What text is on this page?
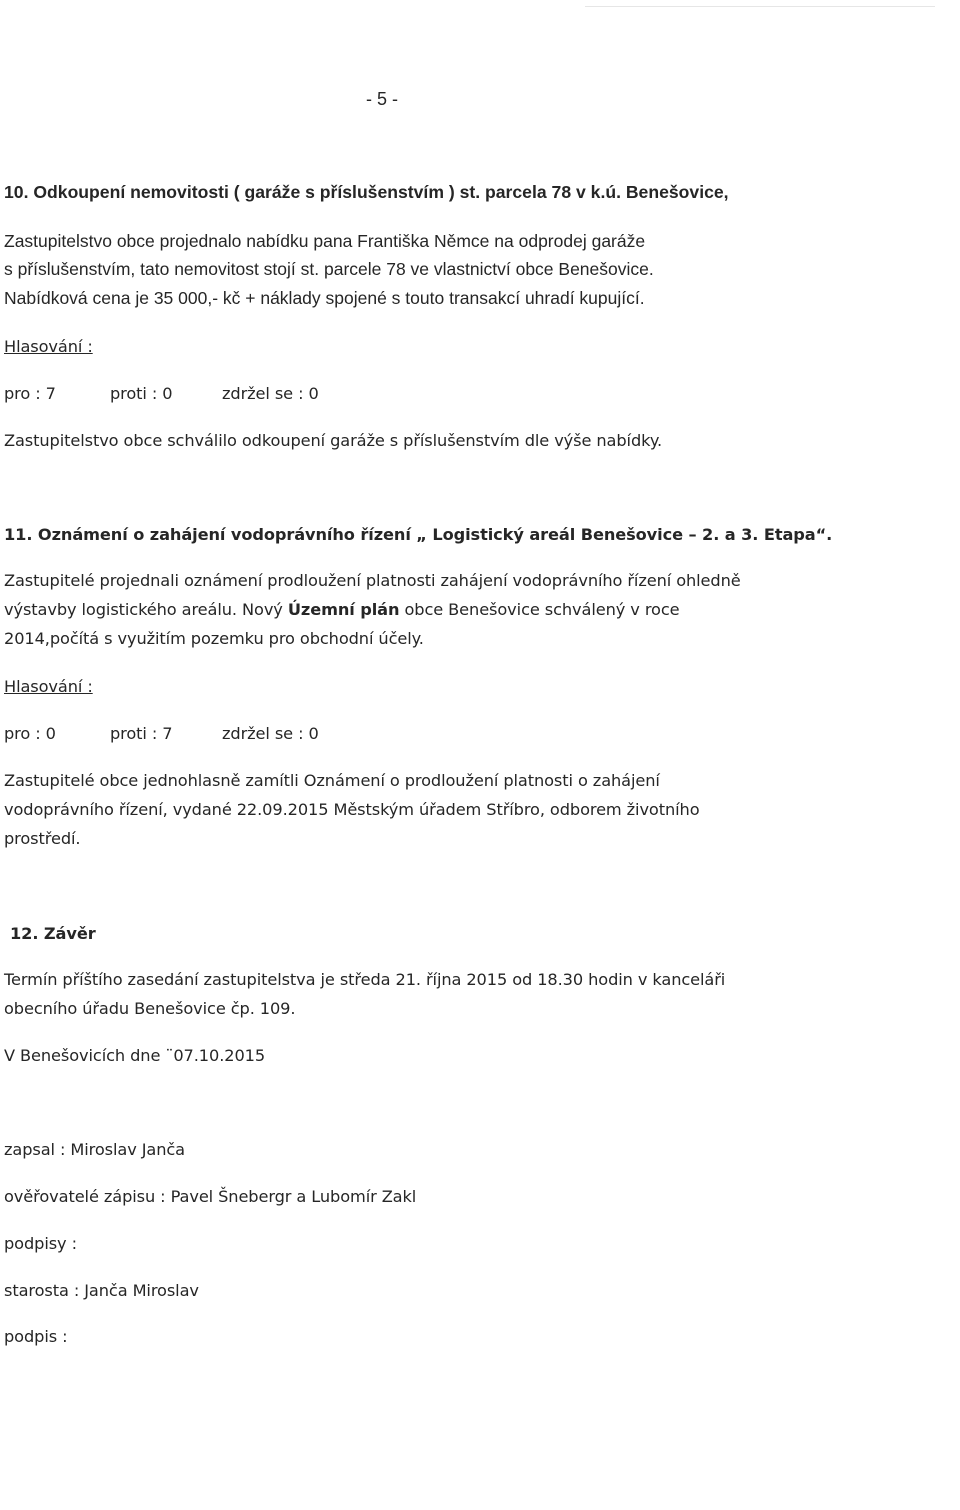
- 5 -
10. Odkoupení nemovitosti ( garáže s příslušenstvím ) st. parcela 78 v k.ú. Benešovice,
Zastupitelstvo obce projednalo nabídku pana Františka Němce na odprodej garáže
s příslušenstvím, tato nemovitost stojí st. parcele 78 ve vlastnictví obce Benešovice.
Nabídková cena je 35 000,- kč + náklady spojené s touto transakcí uhradí kupující.
Hlasování :
pro : 7	proti : 0	zdržel se : 0
Zastupitelstvo obce schválilo odkoupení garáže s příslušenstvím dle výše nabídky.
11. Oznámení o zahájení vodoprávního řízení „ Logistický areál Benešovice – 2. a 3. Etapa“.
Zastupitelé projednali oznámení prodloužení platnosti zahájení vodoprávního řízení ohledně
výstavby logistického areálu. Nový Územní plán obce Benešovice schválený v roce
2014,počítá s využitím pozemku pro obchodní účely.
Hlasování :
pro : 0	proti : 7	zdržel se : 0
Zastupitelé obce jednohlasně zamítli Oznámení o prodloužení platnosti o zahájení
vodoprávního řízení, vydané 22.09.2015 Městským úřadem Stříbro, odborem životního
prostředí.
12. Závěr
Termín příštího zasedání zastupitelstva je středa 21. října 2015 od 18.30 hodin v kanceláři
obecního úřadu Benešovice čp. 109.
V Benešovicích dne ¨07.10.2015
zapsal : Miroslav Janča
ověřovatelé zápisu : Pavel Šnebergr a Lubomír Zakl
podpisy :
starosta : Janča Miroslav
podpis :
